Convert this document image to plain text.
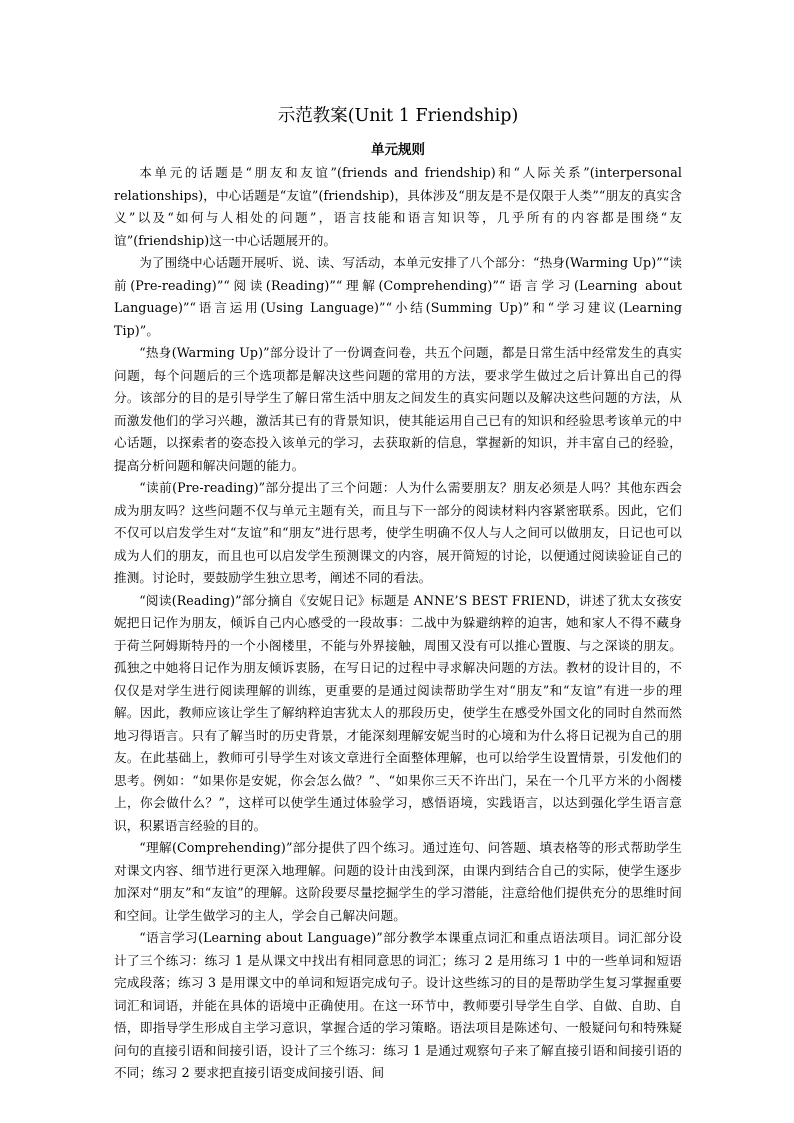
示范教案(Unit 1 Friendship)
单元规则

本单元的话题是“朋友和友谊”(friends and friendship)和“人际关系”(interpersonal relationships)，中心话题是“友谊”(friendship)，具体涉及“朋友是不是仅限于人类”“朋友的真实含义”以及“如何与人相处的问题”，语言技能和语言知识等，几乎所有的内容都是围绕“友谊”(friendship)这一中心话题展开的。

为了围绕中心话题开展听、说、读、写活动，本单元安排了八个部分：“热身(Warming Up)”“读前(Pre-reading)”“阅读(Reading)”“理解(Comprehending)”“语言学习(Learning about Language)”“语言运用(Using Language)”“小结(Summing Up)”和“学习建议(Learning Tip)”。

“热身(Warming Up)”部分设计了一份调查问卷，共五个问题，都是日常生活中经常发生的真实问题，每个问题后的三个选项都是解决这些问题的常用的方法，要求学生做过之后计算出自己的得分。该部分的目的是引导学生了解日常生活中朋友之间发生的真实问题以及解决这些问题的方法，从而激发他们的学习兴趣，激活其已有的背景知识，使其能运用自己已有的知识和经验思考该单元的中心话题，以探索者的姿态投入该单元的学习，去获取新的信息，掌握新的知识，并丰富自己的经验，提高分析问题和解决问题的能力。

“读前(Pre-reading)”部分提出了三个问题：人为什么需要朋友？朋友必须是人吗？其他东西会成为朋友吗？这些问题不仅与单元主题有关，而且与下一部分的阅读材料内容紧密联系。因此，它们不仅可以启发学生对“友谊”和“朋友”进行思考，使学生明确不仅人与人之间可以做朋友，日记也可以成为人们的朋友，而且也可以启发学生预测课文的内容，展开简短的讨论，以便通过阅读验证自己的推测。讨论时，要鼓励学生独立思考，阐述不同的看法。

“阅读(Reading)”部分摘自《安妮日记》标题是 ANNE’S BEST FRIEND，讲述了犹太女孩安妮把日记作为朋友，倾诉自己内心感受的一段故事：二战中为躲避纳粹的迫害，她和家人不得不藏身于荷兰阿姆斯特丹的一个小阁楼里，不能与外界接触，周围又没有可以推心置腹、与之深谈的朋友。孤独之中她将日记作为朋友倾诉衷肠，在写日记的过程中寻求解决问题的方法。教材的设计目的，不仅仅是对学生进行阅读理解的训练，更重要的是通过阅读帮助学生对“朋友”和“友谊”有进一步的理解。因此，教师应该让学生了解纳粹迫害犹太人的那段历史，使学生在感受外国文化的同时自然而然地习得语言。只有了解当时的历史背景，才能深刻理解安妮当时的心境和为什么将日记视为自己的朋友。在此基础上，教师可引导学生对该文章进行全面整体理解，也可以给学生设置情景，引发他们的思考。例如：“如果你是安妮，你会怎么做？”、“如果你三天不许出门，呆在一个几平方米的小阁楼上，你会做什么？”，这样可以使学生通过体验学习，感悟语境，实践语言，以达到强化学生语言意识，积累语言经验的目的。

“理解(Comprehending)”部分提供了四个练习。通过连句、问答题、填表格等的形式帮助学生对课文内容、细节进行更深入地理解。问题的设计由浅到深，由课内到结合自己的实际，使学生逐步加深对“朋友”和“友谊”的理解。这阶段要尽量挖掘学生的学习潜能，注意给他们提供充分的思维时间和空间。让学生做学习的主人，学会自己解决问题。

“语言学习(Learning about Language)”部分教学本课重点词汇和重点语法项目。词汇部分设计了三个练习：练习 1 是从课文中找出有相同意思的词汇；练习 2 是用练习 1 中的一些单词和短语完成段落；练习 3 是用课文中的单词和短语完成句子。设计这些练习的目的是帮助学生复习掌握重要词汇和词语，并能在具体的语境中正确使用。在这一环节中，教师要引导学生自学、自做、自助、自悟，即指导学生形成自主学习意识，掌握合适的学习策略。语法项目是陈述句、一般疑问句和特殊疑问句的直接引语和间接引语，设计了三个练习：练习 1 是通过观察句子来了解直接引语和间接引语的不同；练习 2 要求把直接引语变成间接引语、间
